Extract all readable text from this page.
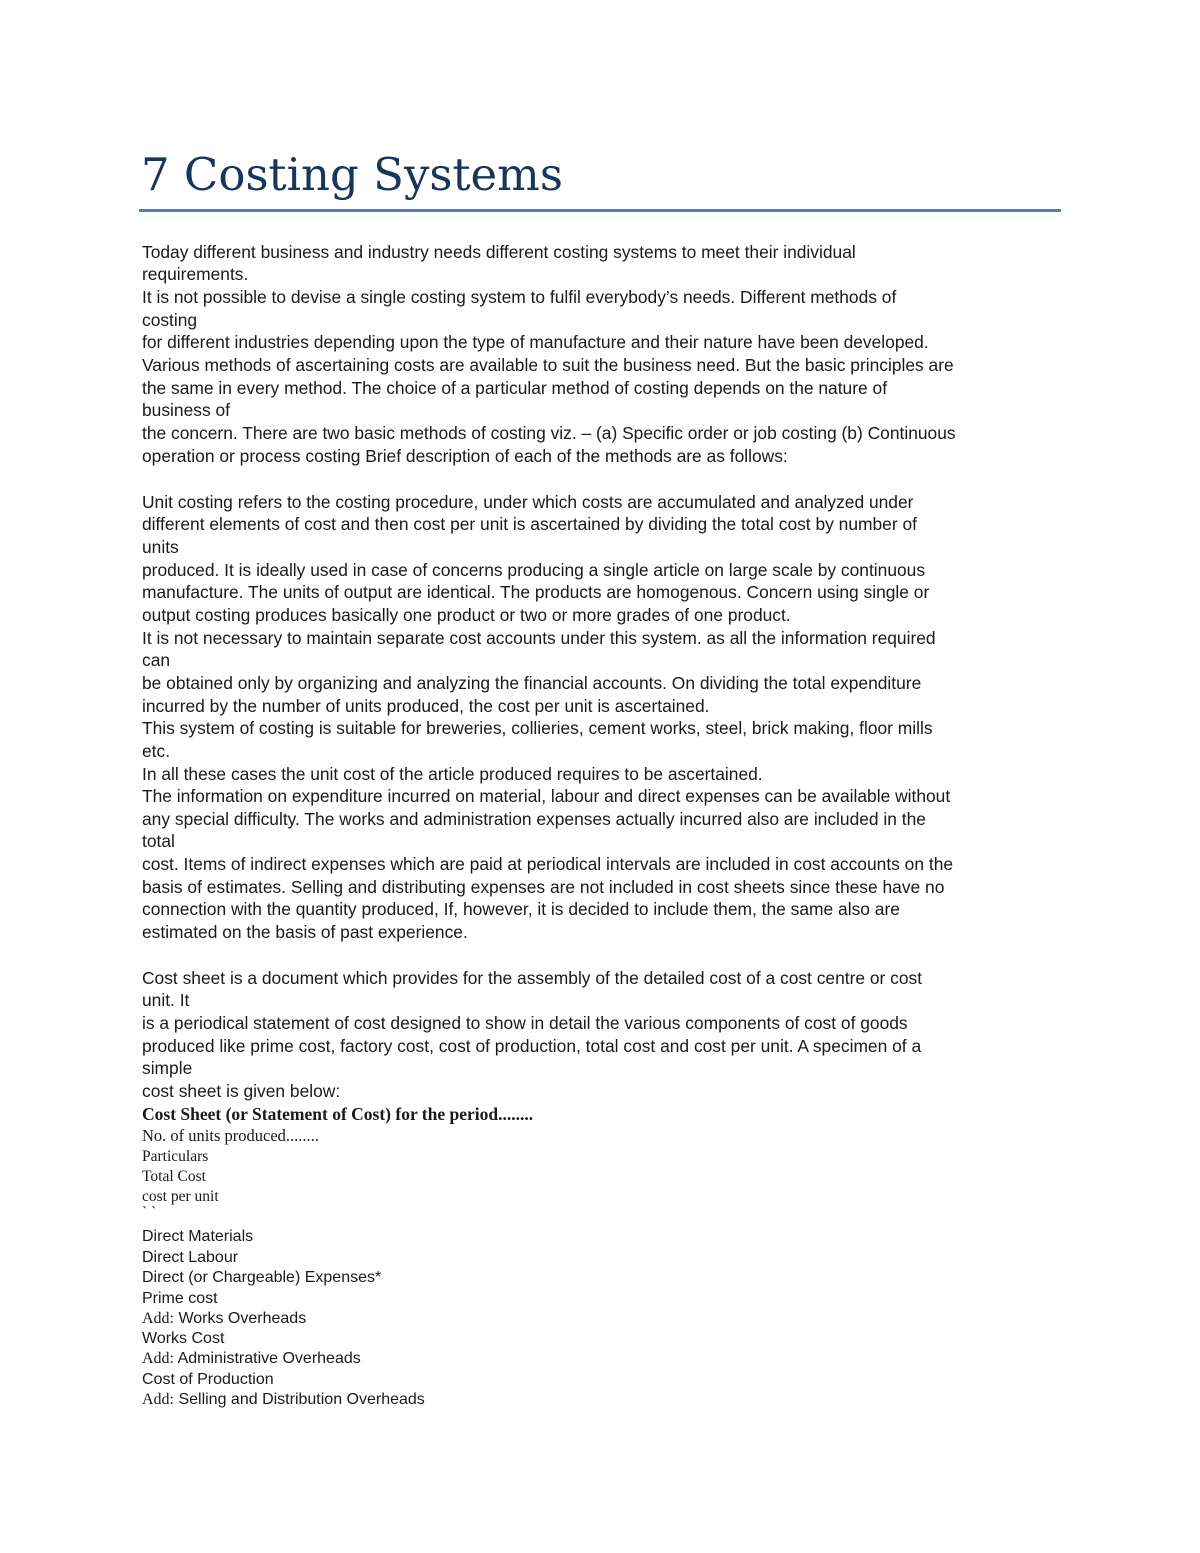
7 Costing Systems

Today different business and industry needs different costing systems to meet their individual

requirements.

It is not possible to devise a single costing system to fulfil everybody’s needs. Different methods of

costing

for different industries depending upon the type of manufacture and their nature have been developed.

Various methods of ascertaining costs are available to suit the business need. But the basic principles are

the same in every method. The choice of a particular method of costing depends on the nature of

business of

the concern. There are two basic methods of costing viz. – (a) Specific order or job costing (b) Continuous

operation or process costing Brief description of each of the methods are as follows:

Unit costing refers to the costing procedure, under which costs are accumulated and analyzed under

different elements of cost and then cost per unit is ascertained by dividing the total cost by number of

units

produced. It is ideally used in case of concerns producing a single article on large scale by continuous

manufacture. The units of output are identical. The products are homogenous. Concern using single or

output costing produces basically one product or two or more grades of one product.

It is not necessary to maintain separate cost accounts under this system. as all the information required

can

be obtained only by organizing and analyzing the financial accounts. On dividing the total expenditure

incurred by the number of units produced, the cost per unit is ascertained.

This system of costing is suitable for breweries, collieries, cement works, steel, brick making, floor mills

etc.

In all these cases the unit cost of the article produced requires to be ascertained.

The information on expenditure incurred on material, labour and direct expenses can be available without

any special difficulty. The works and administration expenses actually incurred also are included in the

total

cost. Items of indirect expenses which are paid at periodical intervals are included in cost accounts on the

basis of estimates. Selling and distributing expenses are not included in cost sheets since these have no

connection with the quantity produced, If, however, it is decided to include them, the same also are

estimated on the basis of past experience.

Cost sheet is a document which provides for the assembly of the detailed cost of a cost centre or cost

unit. It

is a periodical statement of cost designed to show in detail the various components of cost of goods

produced like prime cost, factory cost, cost of production, total cost and cost per unit. A specimen of a

simple

cost sheet is given below:

Cost Sheet (or Statement of Cost) for the period........

No. of units produced........

Particulars

Total Cost

cost per unit

` `

Direct Materials

Direct Labour

Direct (or Chargeable) Expenses*

Prime cost

Add: Works Overheads

Works Cost

Add: Administrative Overheads

Cost of Production

Add: Selling and Distribution Overheads
